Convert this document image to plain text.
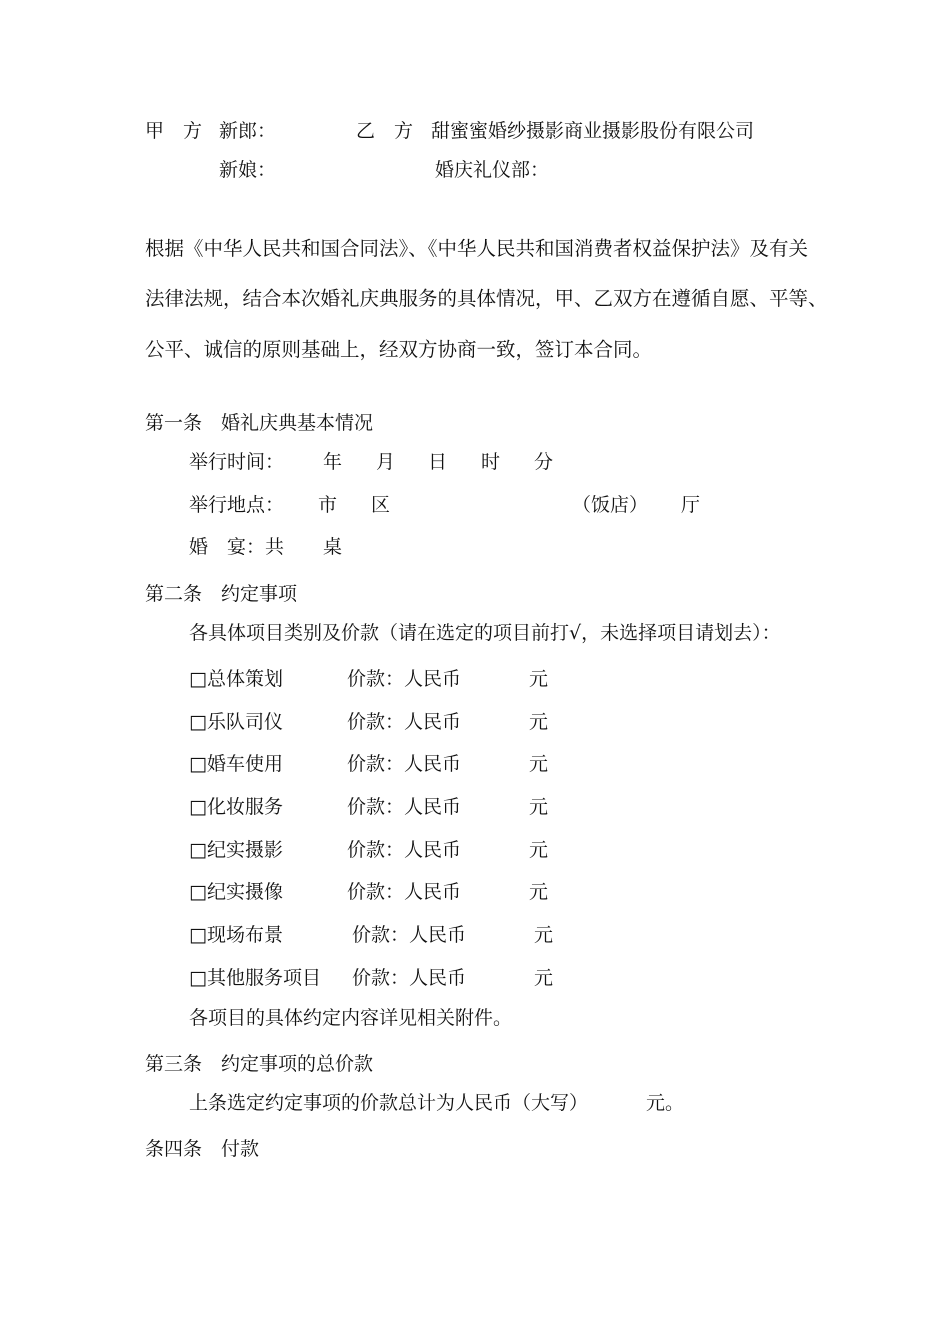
甲　方 新郎：	乙　方 甜蜜蜜婚纱摄影商业摄影股份有限公司
新娘：	婚庆礼仪部：
根据《中华人民共和国合同法》、《中华人民共和国消费者权益保护法》及有关
法律法规，结合本次婚礼庆典服务的具体情况，甲、乙双方在遵循自愿、平等、
公平、诚信的原则基础上，经双方协商一致，签订本合同。
第一条　婚礼庆典基本情况
举行时间： 年 月 日 时 分
举行地点： 市 区	（饭店） 厅
婚　宴：共 桌
第二条　约定事项
各具体项目类别及价款（请在选定的项目前打√，未选择项目请划去）：
□总体策划	价款：人民币	元
□乐队司仪	价款：人民币	元
□婚车使用	价款：人民币	元
□化妆服务	价款：人民币	元
□纪实摄影	价款：人民币	元
□纪实摄像	价款：人民币	元
□现场布景	价款：人民币	元
□其他服务项目 价款：人民币	元
各项目的具体约定内容详见相关附件。
第三条　约定事项的总价款
上条选定约定事项的价款总计为人民币（大写）	元。
条四条　付款
